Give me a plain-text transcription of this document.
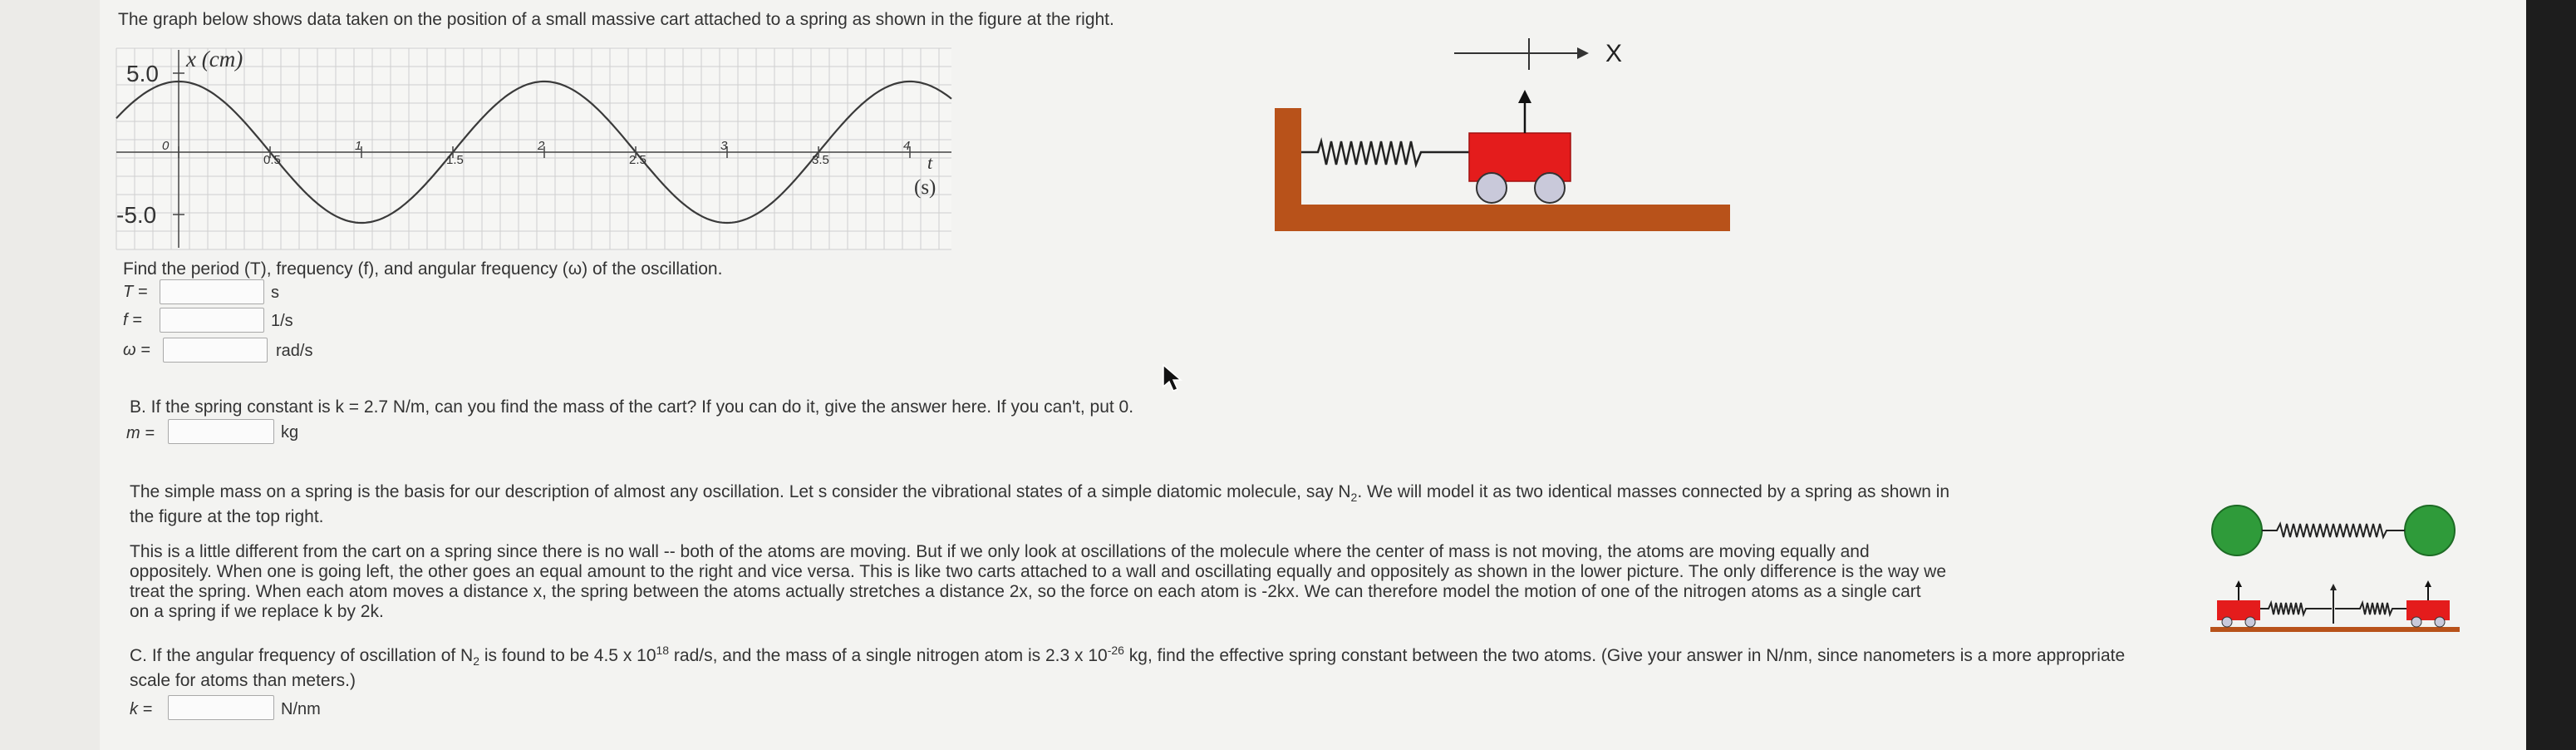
The graph below shows data taken on the position of a small massive cart attached to a spring as shown in the figure at the right.
5.0
-5.0
x (cm)
0
0.5
1
1.5
2
2.5
3
3.5
4
t
(s)
X
Find the period (T), frequency (f), and angular frequency (ω) of the oscillation.
T =	s
f =	1/s
ω =	rad/s
B. If the spring constant is k = 2.7 N/m, can you find the mass of the cart? If you can do it, give the answer here. If you can't, put 0.
m =	kg
The simple mass on a spring is the basis for our description of almost any oscillation. Let s consider the vibrational states of a simple diatomic molecule, say $N_2$. We will model it as two identical masses connected by a spring as shown in
the figure at the top right.
This is a little different from the cart on a spring since there is no wall -- both of the atoms are moving. But if we only look at oscillations of the molecule where the center of mass is not moving, the atoms are moving equally and
oppositely. When one is going left, the other goes an equal amount to the right and vice versa. This is like two carts attached to a wall and oscillating equally and oppositely as shown in the lower picture. The only difference is the way we
treat the spring. When each atom moves a distance x, the spring between the atoms actually stretches a distance 2x, so the force on each atom is -2kx. We can therefore model the motion of one of the nitrogen atoms as a single cart
on a spring if we replace k by 2k.
C. If the angular frequency of oscillation of $N_2$ is found to be 4.5 x $10^{18}$ rad/s, and the mass of a single nitrogen atom is 2.3 x $10^{-26}$ kg, find the effective spring constant between the two atoms. (Give your answer in N/nm, since nanometers is a more appropriate
scale for atoms than meters.)
k =	N/nm
